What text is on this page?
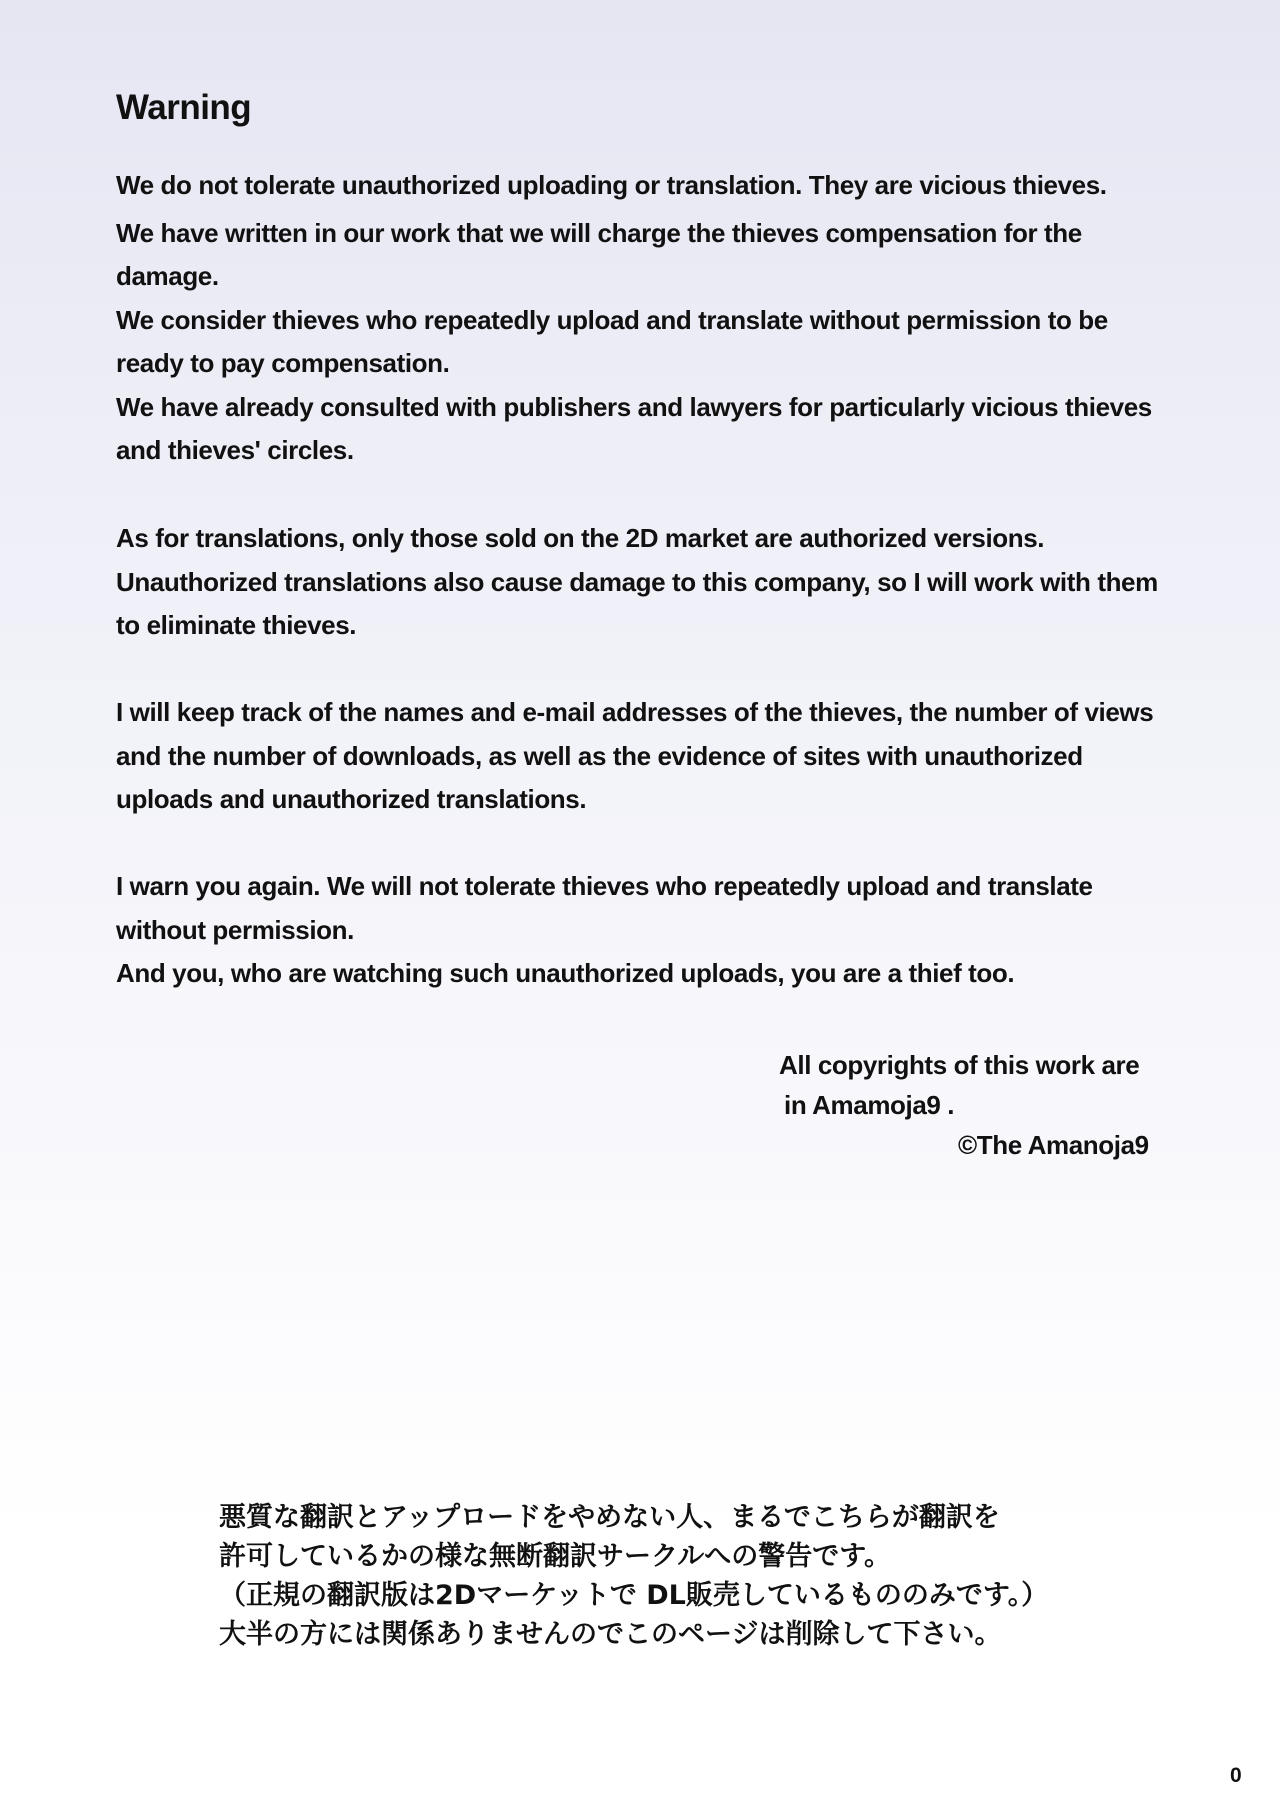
Warning
We do not tolerate unauthorized uploading or translation. They are vicious thieves.
We have written in our work that we will charge the thieves compensation for the
damage.
We consider thieves who repeatedly upload and translate without permission to be
ready to pay compensation.
We have already consulted with publishers and lawyers for particularly vicious thieves
and thieves' circles.
As for translations, only those sold on the 2D market are authorized versions.
Unauthorized translations also cause damage to this company, so I will work with them
to eliminate thieves.
I will keep track of the names and e-mail addresses of the thieves, the number of views
and the number of downloads, as well as the evidence of sites with unauthorized
uploads and unauthorized translations.
I warn you again. We will not tolerate thieves who repeatedly upload and translate
without permission.
And you, who are watching such unauthorized uploads, you are a thief too.
All copyrights of this work are
in Amamoja9 .
©The Amanoja9
悪質な翻訳とアップロードをやめない人、まるでこちらが翻訳を
許可しているかの様な無断翻訳サークルへの警告です。
（正規の翻訳版は2Dマーケットで DL販売しているもののみです。）
大半の方には関係ありませんのでこのページは削除して下さい。
0
